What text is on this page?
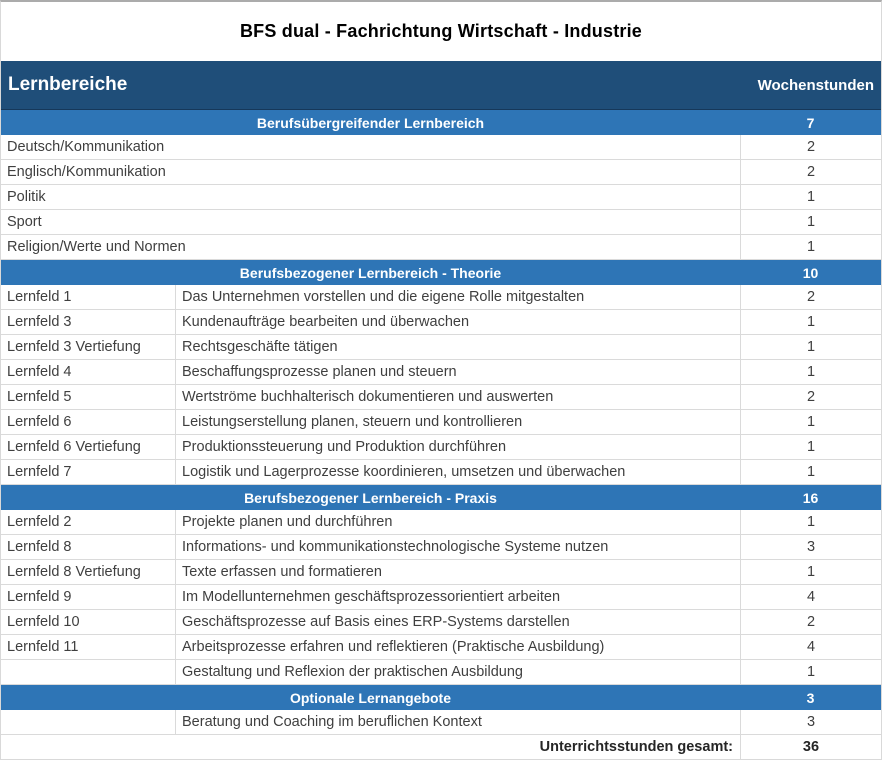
BFS dual - Fachrichtung Wirtschaft - Industrie
Lernbereiche	Wochenstunden
Berufsübergreifender Lernbereich	7
Deutsch/Kommunikation	2
Englisch/Kommunikation	2
Politik	1
Sport	1
Religion/Werte und Normen	1
Berufsbezogener Lernbereich - Theorie	10
Lernfeld 1	Das Unternehmen vorstellen und die eigene Rolle mitgestalten	2
Lernfeld 3	Kundenaufträge bearbeiten und überwachen	1
Lernfeld 3 Vertiefung	Rechtsgeschäfte tätigen	1
Lernfeld 4	Beschaffungsprozesse planen und steuern	1
Lernfeld 5	Wertströme buchhalterisch dokumentieren und auswerten	2
Lernfeld 6	Leistungserstellung planen, steuern und kontrollieren	1
Lernfeld 6 Vertiefung	Produktionssteuerung und Produktion durchführen	1
Lernfeld 7	Logistik und Lagerprozesse koordinieren, umsetzen und überwachen	1
Berufsbezogener Lernbereich - Praxis	16
Lernfeld 2	Projekte planen und durchführen	1
Lernfeld 8	Informations- und kommunikationstechnologische Systeme nutzen	3
Lernfeld 8 Vertiefung	Texte erfassen und formatieren	1
Lernfeld 9	Im Modellunternehmen geschäftsprozessorientiert arbeiten	4
Lernfeld 10	Geschäftsprozesse auf Basis eines ERP-Systems darstellen	2
Lernfeld 11	Arbeitsprozesse erfahren und reflektieren (Praktische Ausbildung)	4
Gestaltung und Reflexion der praktischen Ausbildung	1
Optionale Lernangebote	3
Beratung und Coaching im beruflichen Kontext	3
Unterrichtsstunden gesamt:	36
